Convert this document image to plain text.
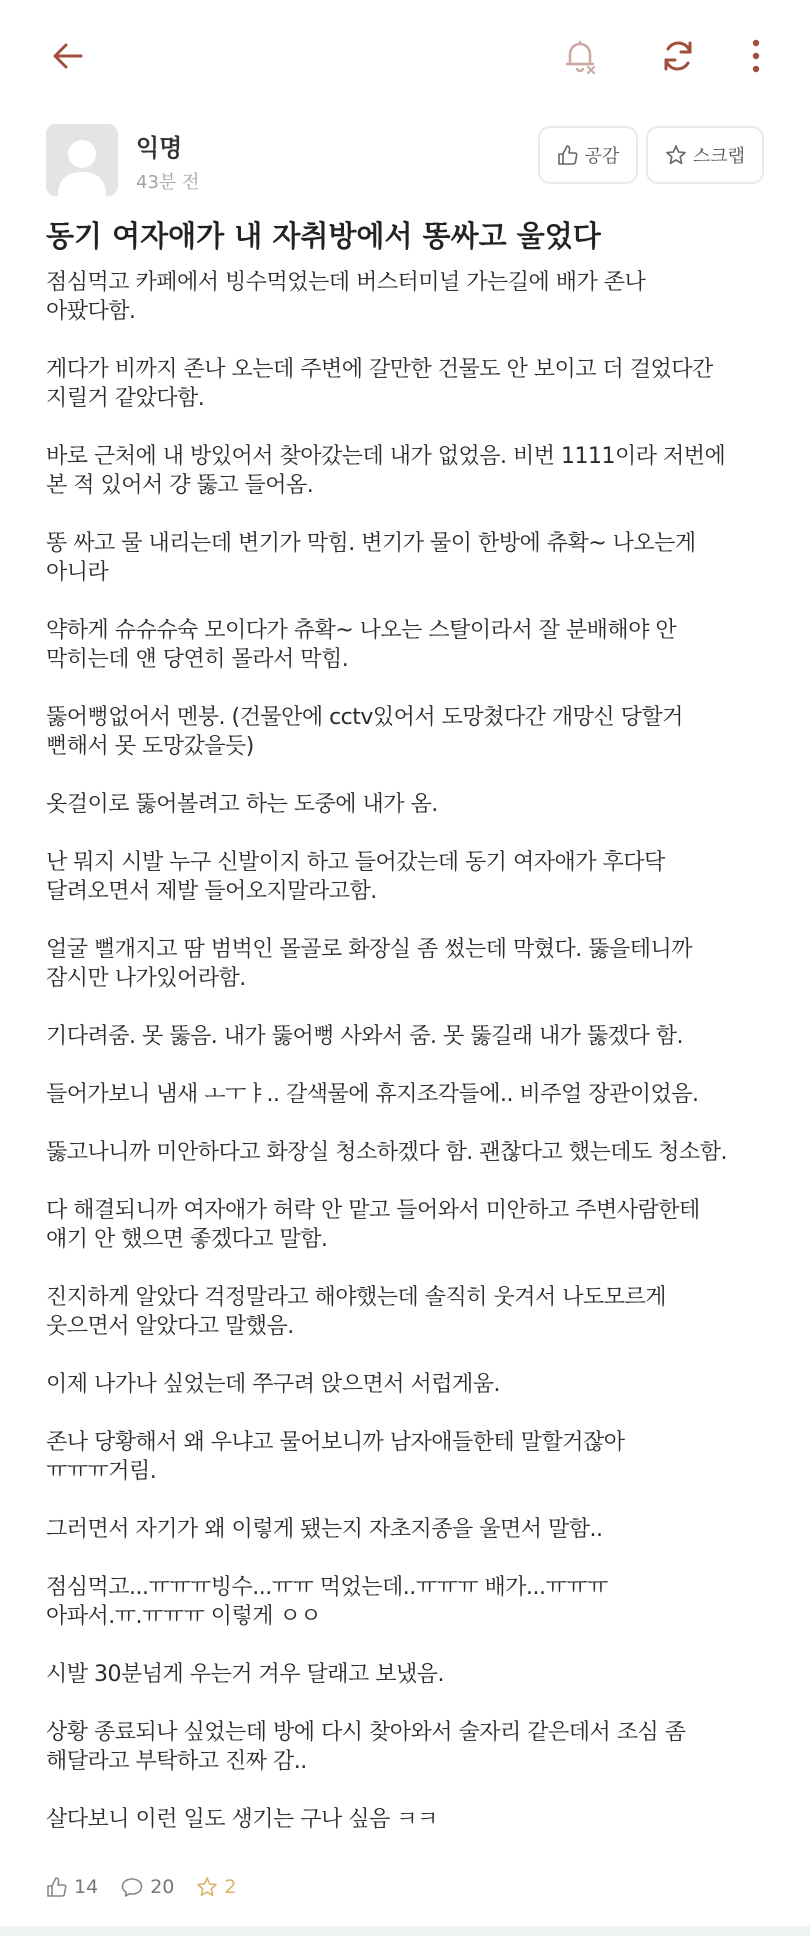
익명
43분 전
공감	스크랩
동기 여자애가 내 자취방에서 똥싸고 울었다
점심먹고 카페에서 빙수먹었는데 버스터미널 가는길에 배가 존나
아팠다함.
게다가 비까지 존나 오는데 주변에 갈만한 건물도 안 보이고 더 걸었다간
지릴거 같았다함.
바로 근처에 내 방있어서 찾아갔는데 내가 없었음. 비번 1111이라 저번에
본 적 있어서 걍 뚫고 들어옴.
똥 싸고 물 내리는데 변기가 막힘. 변기가 물이 한방에 츄확~ 나오는게
아니라
약하게 슈슈슈슉 모이다가 츄확~ 나오는 스탈이라서 잘 분배해야 안
막히는데 얜 당연히 몰라서 막힘.
뚫어뻥없어서 멘붕. (건물안에 cctv있어서 도망쳤다간 개망신 당할거
뻔해서 못 도망갔을듯)
옷걸이로 뚫어볼려고 하는 도중에 내가 옴.
난 뭐지 시발 누구 신발이지 하고 들어갔는데 동기 여자애가 후다닥
달려오면서 제발 들어오지말라고함.
얼굴 뻘개지고 땀 범벅인 몰골로 화장실 좀 썼는데 막혔다. 뚫을테니까
잠시만 나가있어라함.
기다려줌. 못 뚫음. 내가 뚫어뻥 사와서 줌. 못 뚫길래 내가 뚫겠다 함.
들어가보니 냄새 ㅗㅜㅑ.. 갈색물에 휴지조각들에.. 비주얼 장관이었음.
뚫고나니까 미안하다고 화장실 청소하겠다 함. 괜찮다고 했는데도 청소함.
다 해결되니까 여자애가 허락 안 맡고 들어와서 미안하고 주변사람한테
얘기 안 했으면 좋겠다고 말함.
진지하게 알았다 걱정말라고 해야했는데 솔직히 웃겨서 나도모르게
웃으면서 알았다고 말했음.
이제 나가나 싶었는데 쭈구려 앉으면서 서럽게움.
존나 당황해서 왜 우냐고 물어보니까 남자애들한테 말할거잖아
ㅠㅠㅠ거림.
그러면서 자기가 왜 이렇게 됐는지 자초지종을 울면서 말함..
점심먹고...ㅠㅠㅠ빙수...ㅠㅠ 먹었는데..ㅠㅠㅠ 배가...ㅠㅠㅠ
아파서.ㅠ.ㅠㅠㅠ 이렇게 ㅇㅇ
시발 30분넘게 우는거 겨우 달래고 보냈음.
상황 종료되나 싶었는데 방에 다시 찾아와서 술자리 같은데서 조심 좀
해달라고 부탁하고 진짜 감..
살다보니 이런 일도 생기는 구나 싶음 ㅋㅋ
14	20	2
